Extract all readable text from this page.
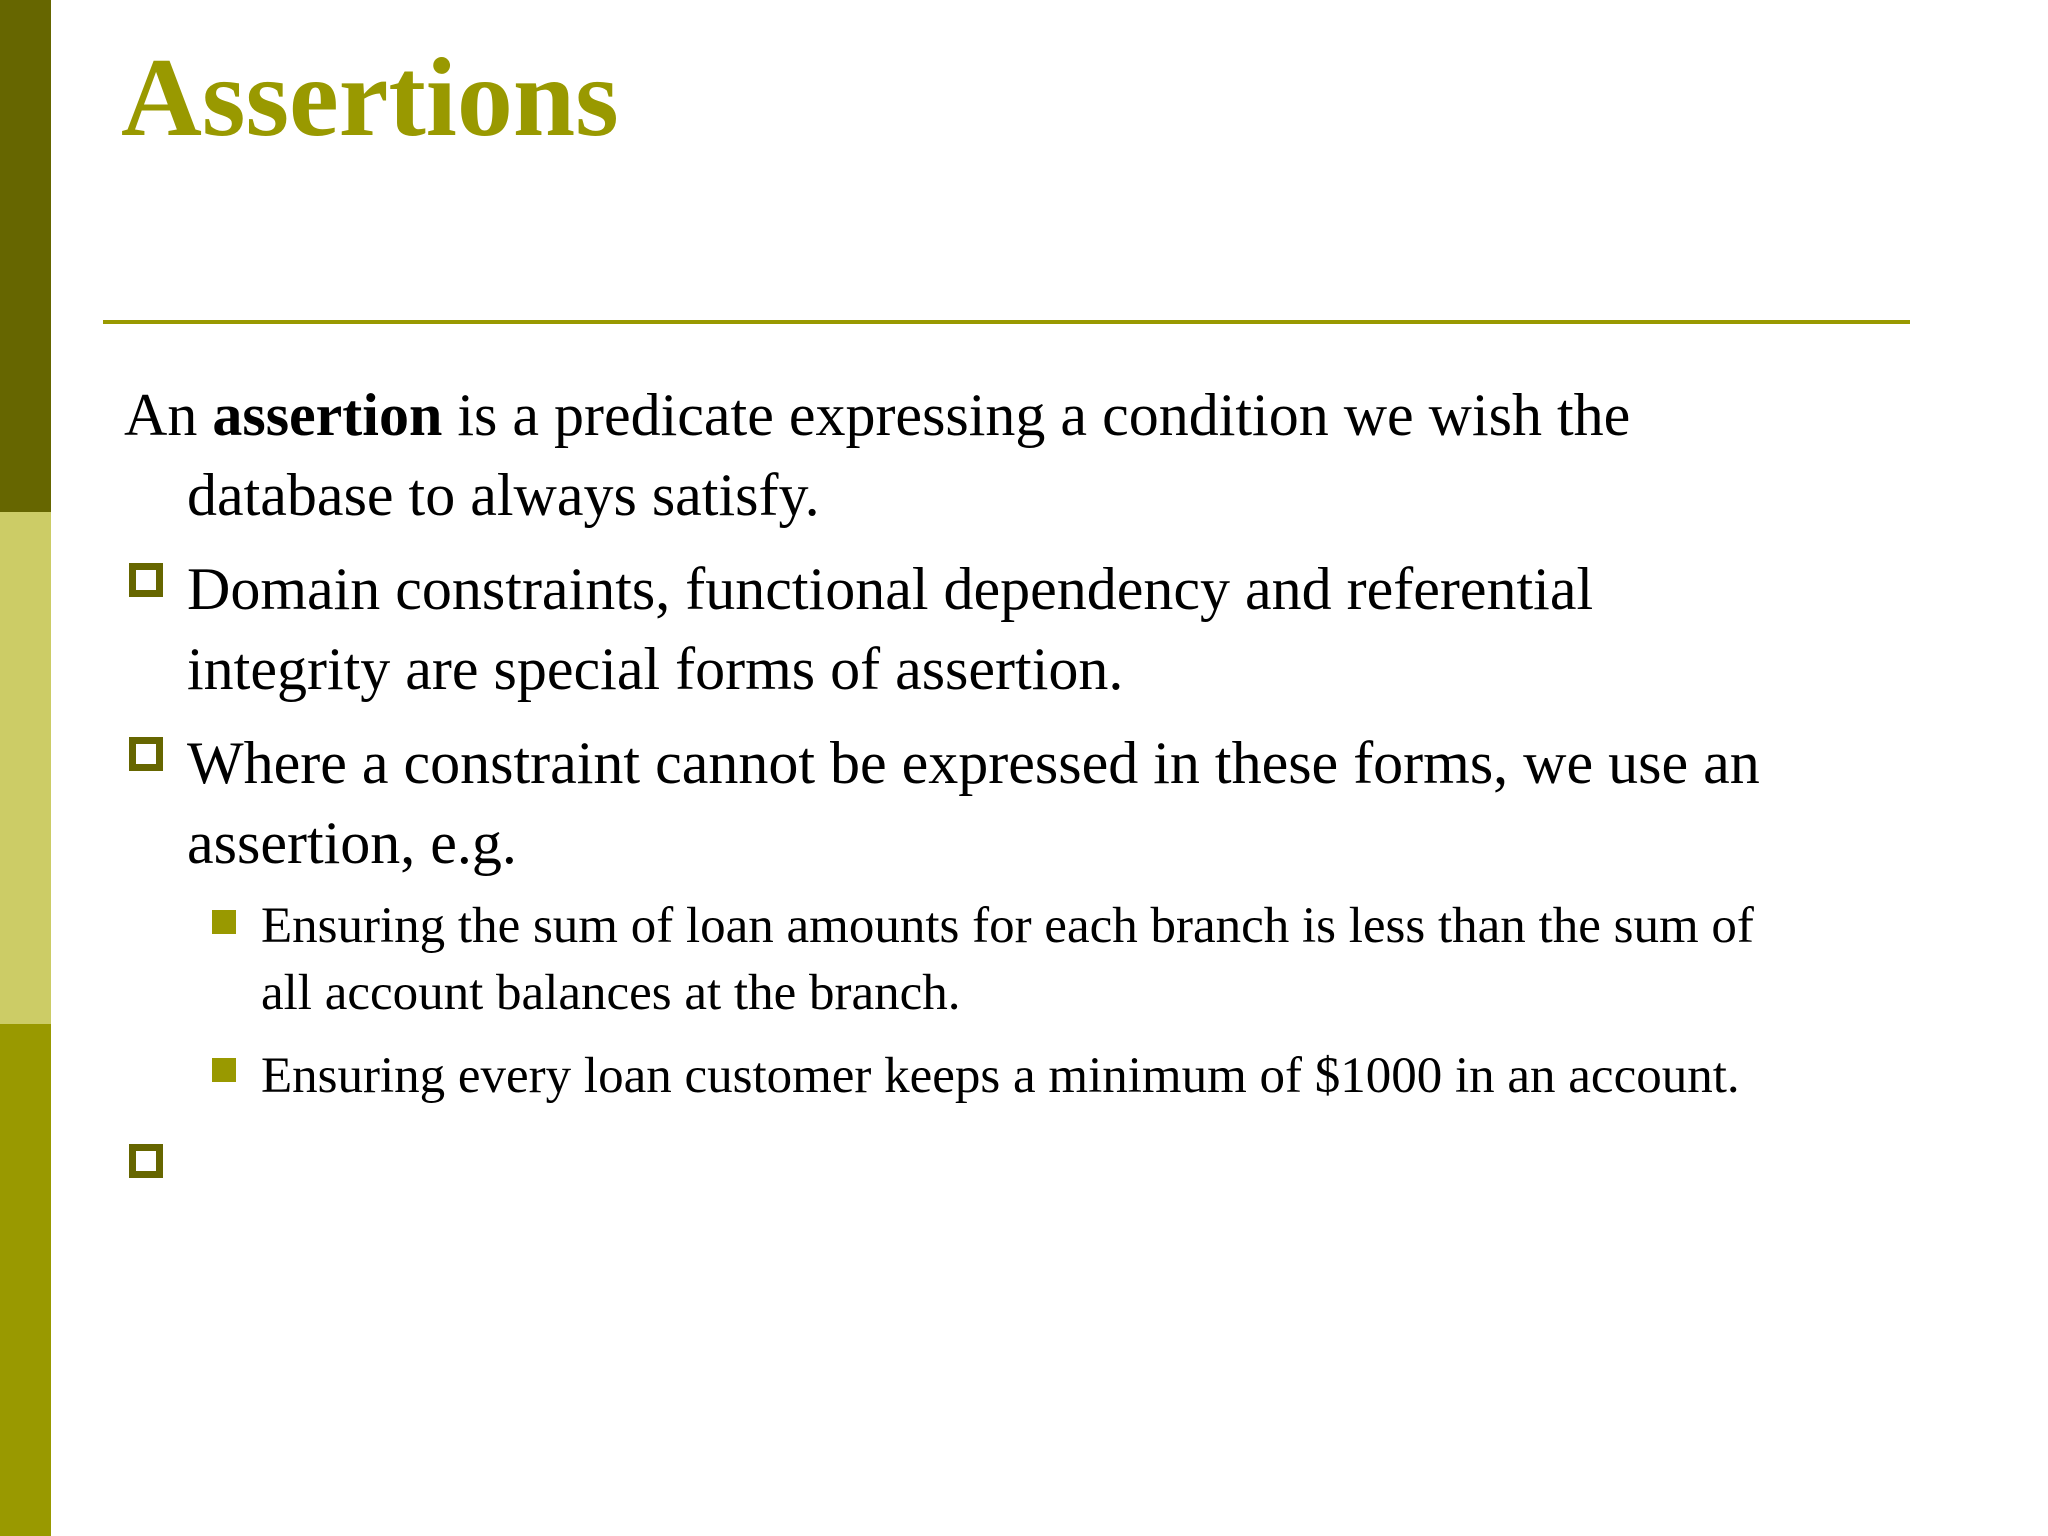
Assertions
An assertion is a predicate expressing a condition we wish the
database to always satisfy.
Domain constraints, functional dependency and referential
integrity are special forms of assertion.
Where a constraint cannot be expressed in these forms, we use an
assertion, e.g.
Ensuring the sum of loan amounts for each branch is less than the sum of
all account balances at the branch.
Ensuring every loan customer keeps a minimum of $1000 in an account.
